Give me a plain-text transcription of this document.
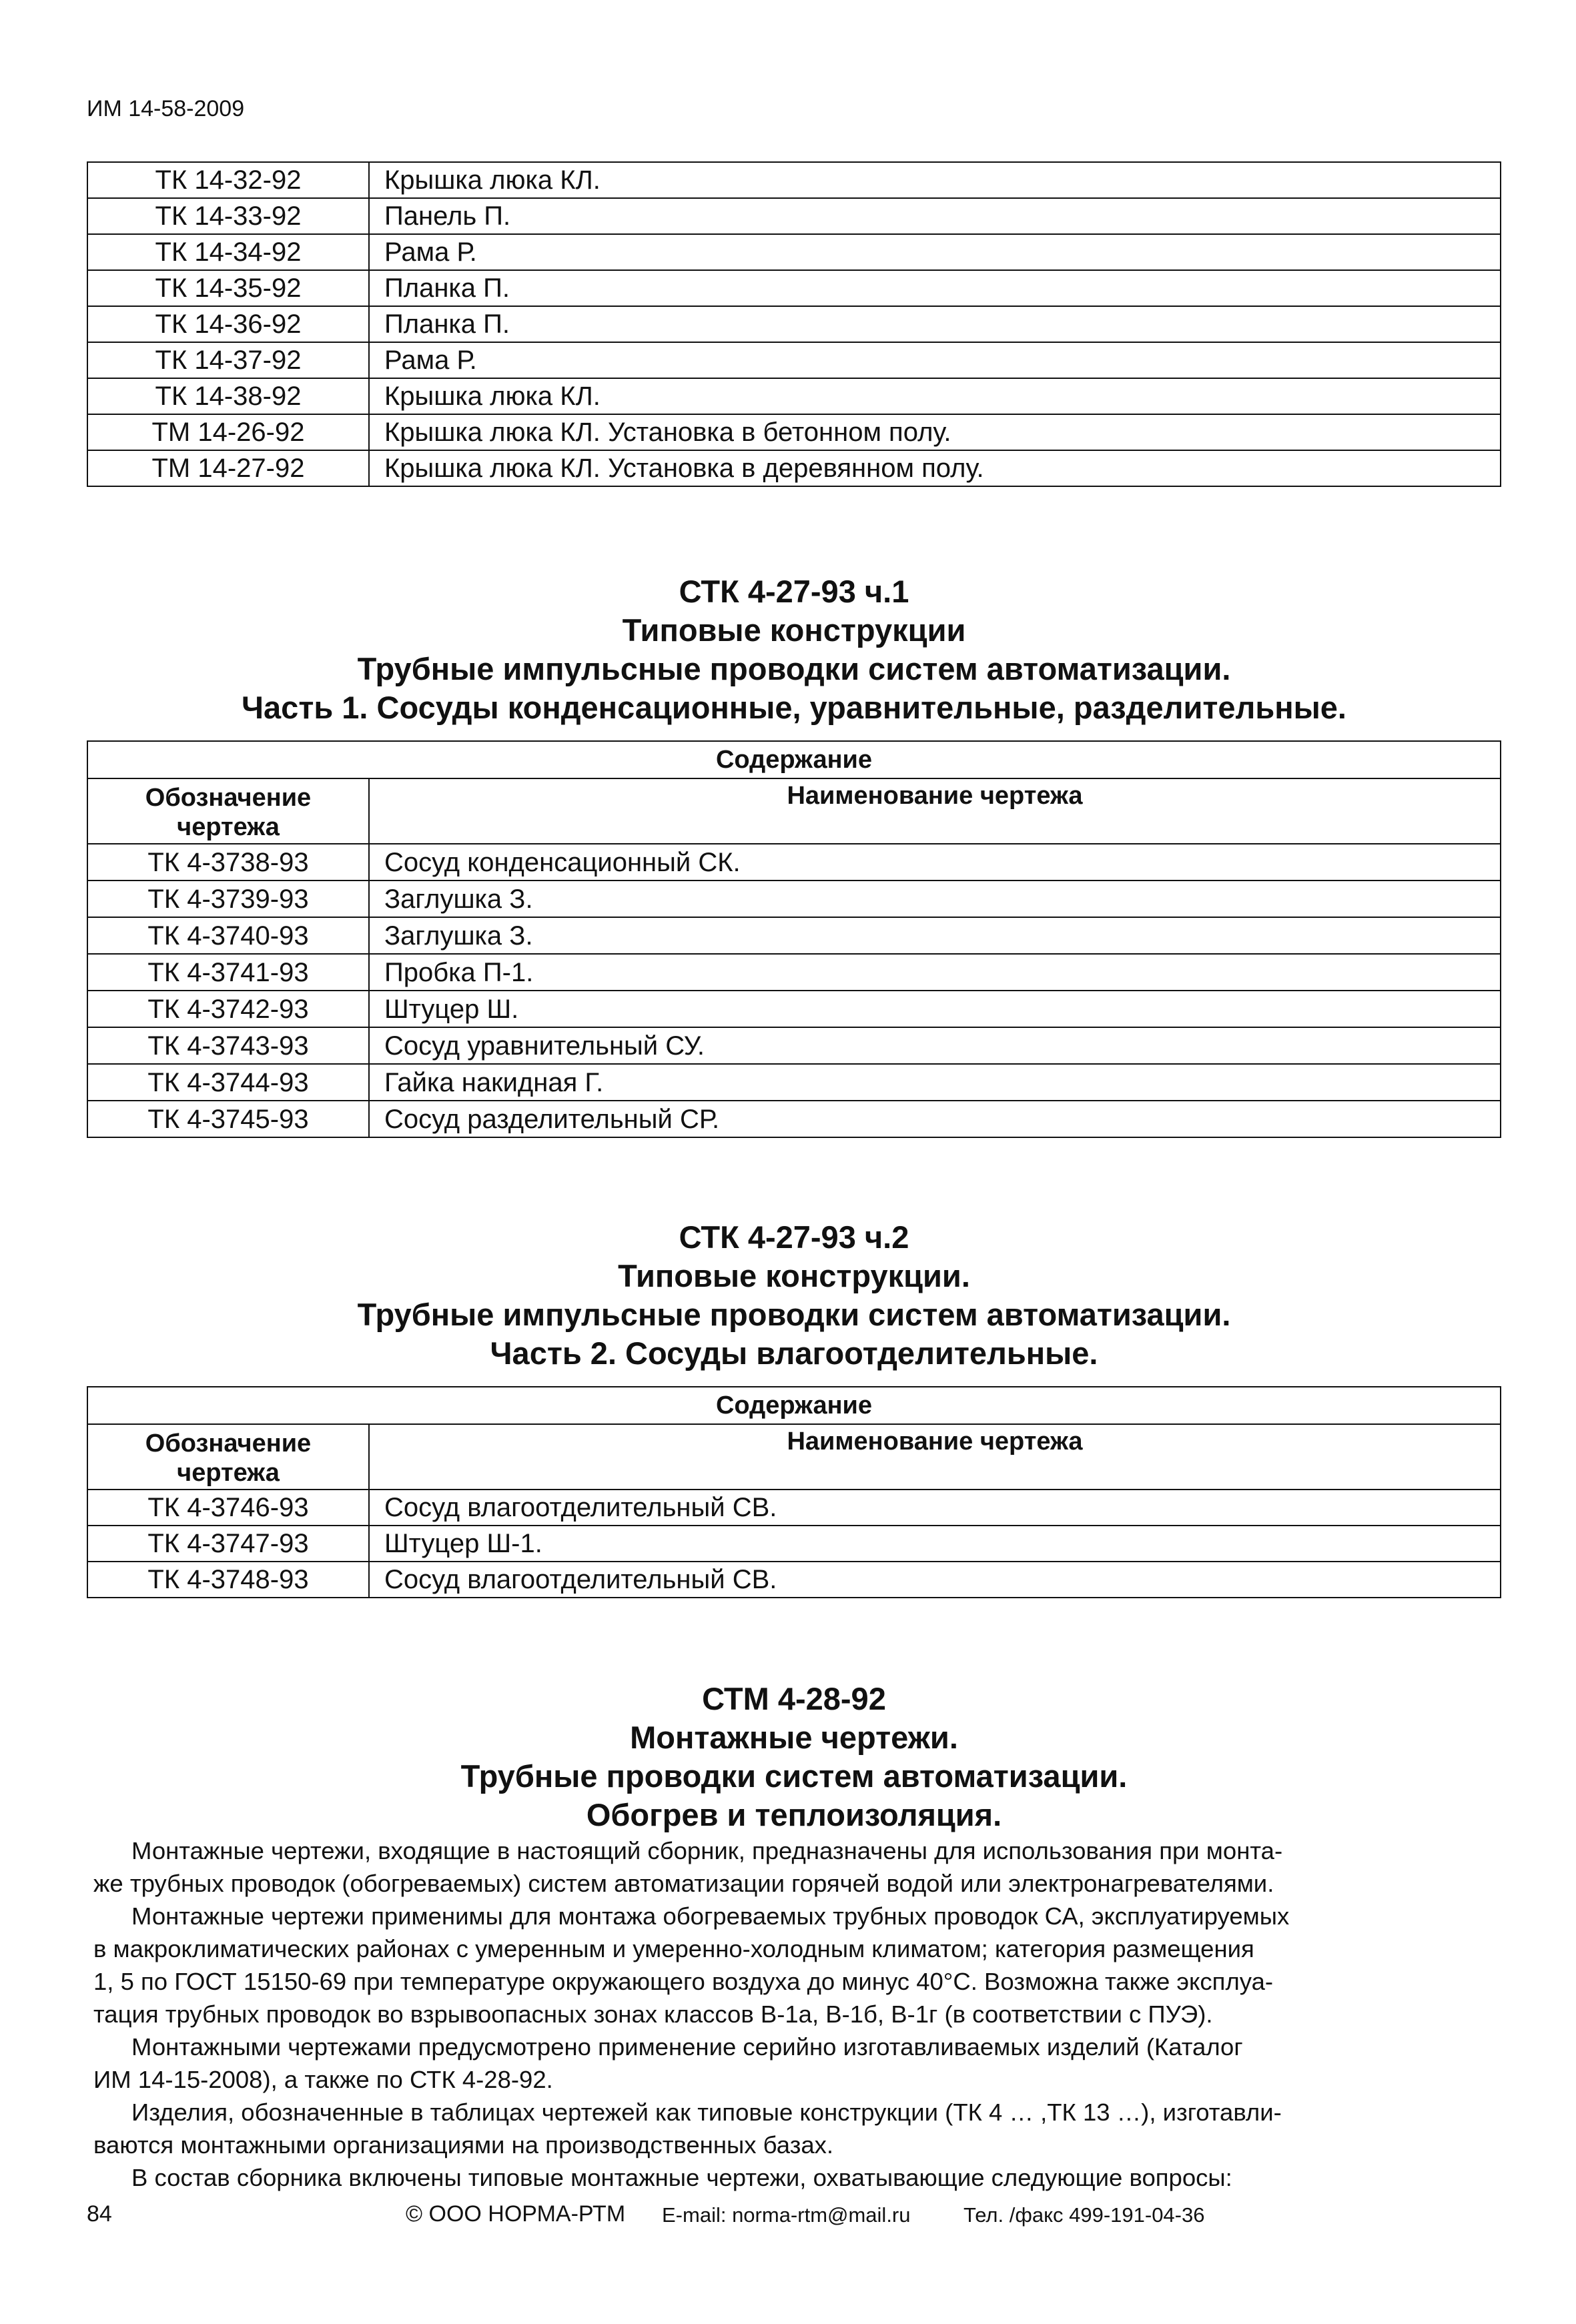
ИМ 14-58-2009
ТК 14-32-92	Крышка люка КЛ.
ТК 14-33-92	Панель П.
ТК 14-34-92	Рама Р.
ТК 14-35-92	Планка П.
ТК 14-36-92	Планка П.
ТК 14-37-92	Рама Р.
ТК 14-38-92	Крышка люка КЛ.
ТМ 14-26-92	Крышка люка КЛ. Установка в бетонном полу.
ТМ 14-27-92	Крышка люка КЛ. Установка в деревянном полу.
СТК 4-27-93 ч.1
Типовые конструкции
Трубные импульсные проводки систем автоматизации.
Часть 1. Сосуды конденсационные, уравнительные, разделительные.
Содержание	

Обозначение
чертежа	Наименование чертежа
ТК 4-3738-93	Сосуд конденсационный СК.
ТК 4-3739-93	Заглушка З.
ТК 4-3740-93	Заглушка З.
ТК 4-3741-93	Пробка П-1.
ТК 4-3742-93	Штуцер Ш.
ТК 4-3743-93	Сосуд уравнительный СУ.
ТК 4-3744-93	Гайка накидная Г.
ТК 4-3745-93	Сосуд разделительный СР.
СТК 4-27-93 ч.2
Типовые конструкции.
Трубные импульсные проводки систем автоматизации.
Часть 2. Сосуды влагоотделительные.
Содержание	

Обозначение
чертежа	Наименование чертежа
ТК 4-3746-93	Сосуд влагоотделительный СВ.
ТК 4-3747-93	Штуцер Ш-1.
ТК 4-3748-93	Сосуд влагоотделительный СВ.
СТМ 4-28-92
Монтажные чертежи.
Трубные проводки систем автоматизации.
Обогрев и теплоизоляция.

Монтажные чертежи, входящие в настоящий сборник, предназначены для использования при монта-

же трубных проводок (обогреваемых) систем автоматизации горячей водой или электронагревателями.

Монтажные чертежи применимы для монтажа обогреваемых трубных проводок СА, эксплуатируемых

в макроклиматических районах с умеренным и умеренно-холодным климатом; категория размещения

1, 5 по ГОСТ 15150-69 при температуре окружающего воздуха до минус 40°С. Возможна также эксплуа-

тация трубных проводок во взрывоопасных зонах классов В-1а, В-1б, В-1г (в соответствии с ПУЭ).

Монтажными чертежами предусмотрено применение серийно изготавливаемых изделий (Каталог

ИМ 14-15-2008), а также по СТК 4-28-92.

Изделия, обозначенные в таблицах чертежей как типовые конструкции (ТК 4 … ,ТК 13 …), изготавли-

ваются монтажными организациями на производственных базах.

В состав сборника включены типовые монтажные чертежи, охватывающие следующие вопросы:

84	© ООО НОРМА-РТМ E-mail: norma-rtm@mail.ru	Тел. /факс 499-191-04-36
